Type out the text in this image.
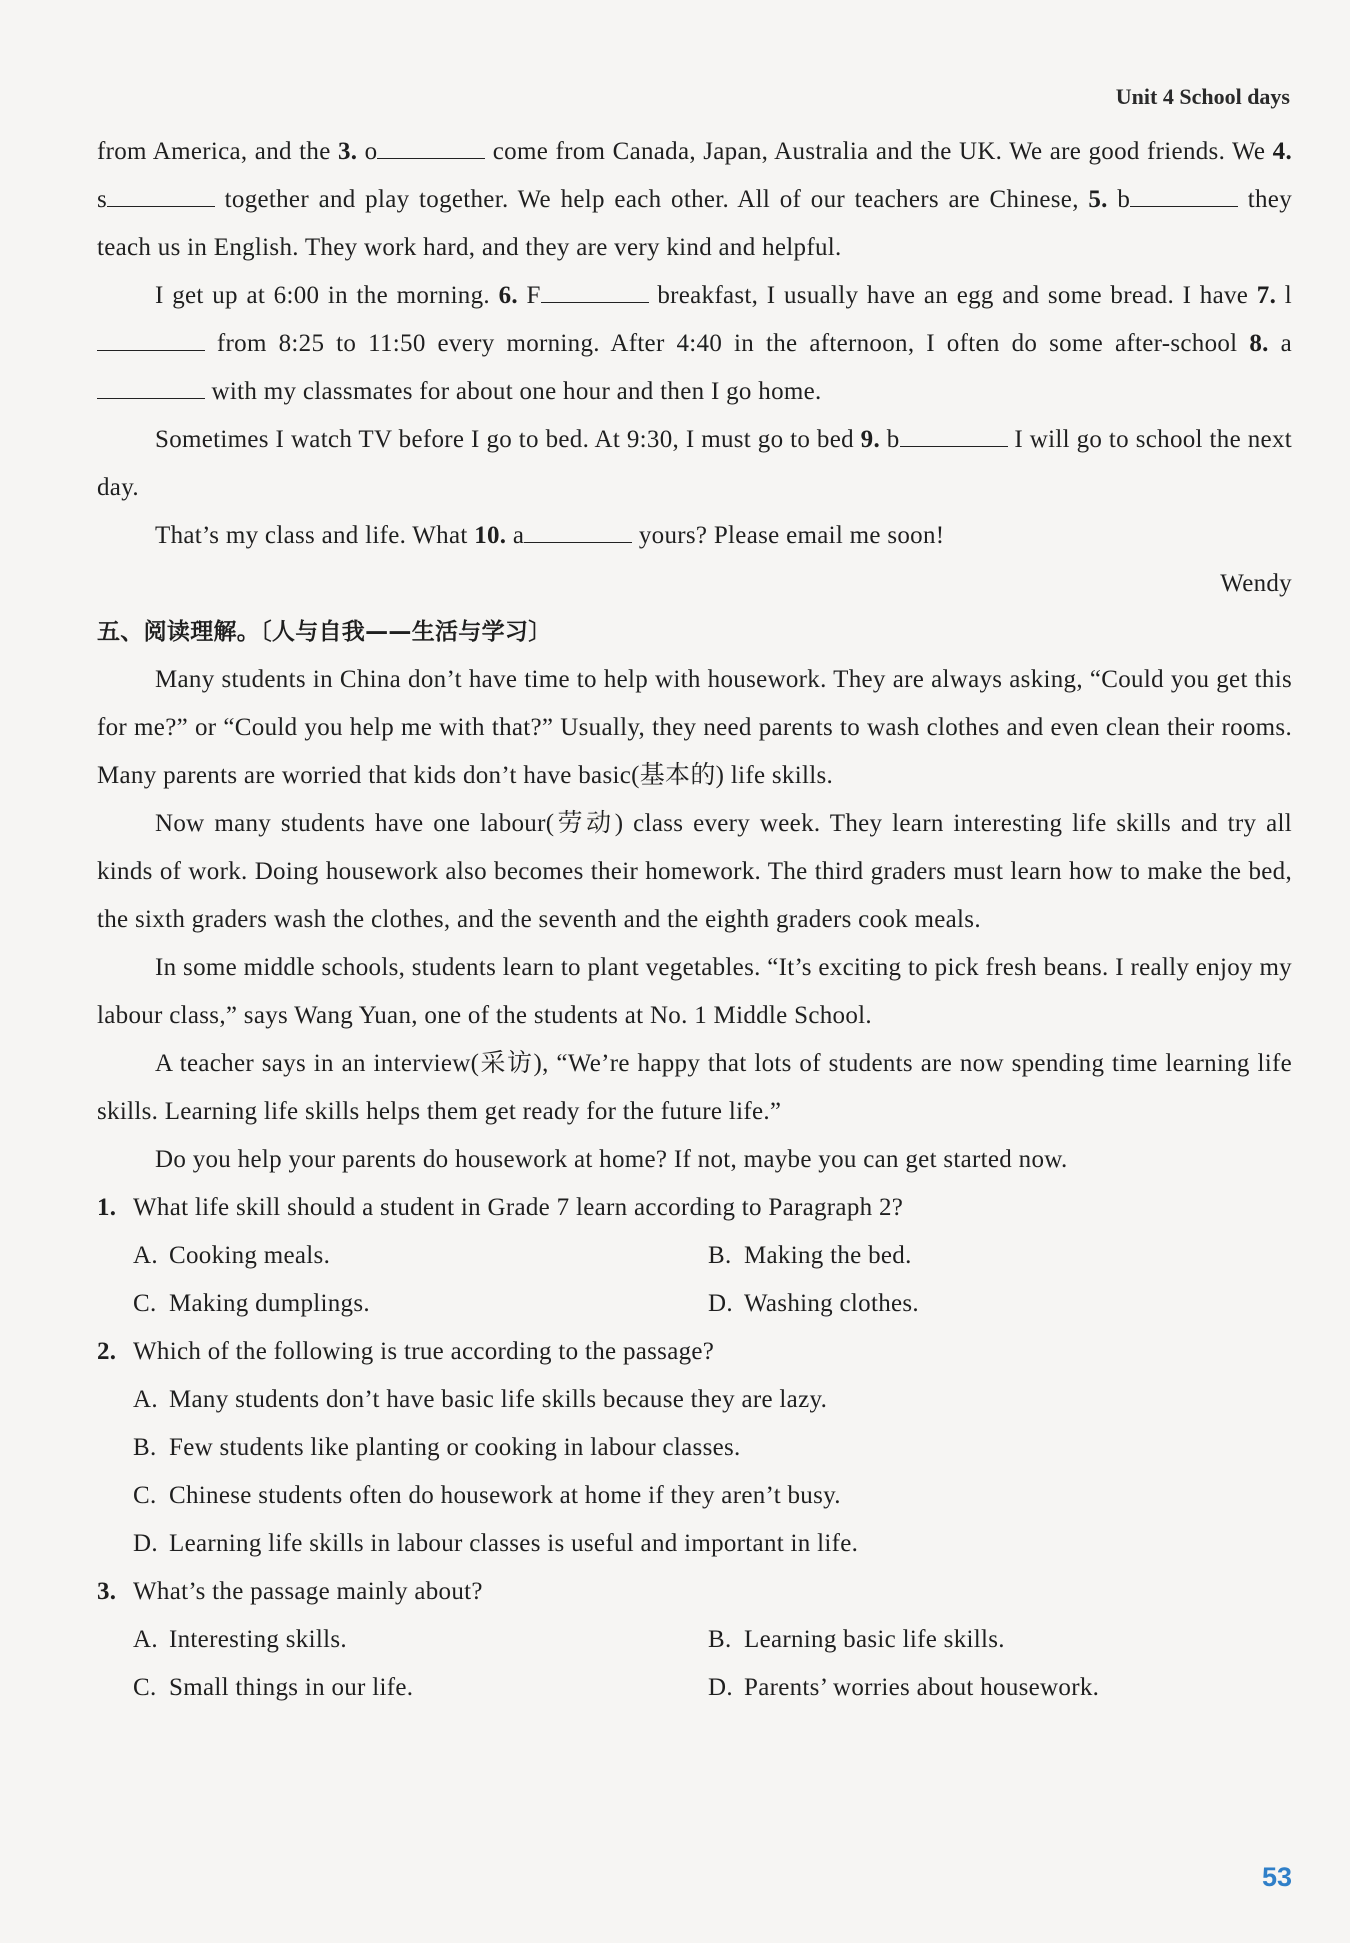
Unit 4 School days

from America, and the 3. o	come from Canada, Japan, Australia and the UK. We are good friends. We 4. s	together and play together. We help each other. All of our teachers are Chinese, 5. b	they teach us in English. They work hard, and they are very kind and helpful.

I get up at 6:00 in the morning. 6. F	breakfast, I usually have an egg and some bread. I have 7. l from 8:25 to 11:50 every morning. After 4:40 in the afternoon, I often do some after-school 8. a with my classmates for about one hour and then I go home.

Sometimes I watch TV before I go to bed. At 9:30, I must go to bed 9. b	I will go to school the next day.

That’s my class and life. What 10. a	yours? Please email me soon!

Wendy

五、阅读理解。〔人与自我——生活与学习〕

Many students in China don’t have time to help with housework. They are always asking, “Could you get this for me?” or “Could you help me with that?” Usually, they need parents to wash clothes and even clean their rooms. Many parents are worried that kids don’t have basic(基本的) life skills.

Now many students have one labour(劳动) class every week. They learn interesting life skills and try all kinds of work. Doing housework also becomes their homework. The third graders must learn how to make the bed, the sixth graders wash the clothes, and the seventh and the eighth graders cook meals.

In some middle schools, students learn to plant vegetables. “It’s exciting to pick fresh beans. I really enjoy my labour class,” says Wang Yuan, one of the students at No. 1 Middle School.

A teacher says in an interview(采访), “We’re happy that lots of students are now spending time learning life skills. Learning life skills helps them get ready for the future life.”

Do you help your parents do housework at home? If not, maybe you can get started now.

1. What life skill should a student in Grade 7 learn according to Paragraph 2?
A. Cooking meals.	B. Making the bed.
C. Making dumplings.	D. Washing clothes.
2. Which of the following is true according to the passage?
A. Many students don’t have basic life skills because they are lazy.
B. Few students like planting or cooking in labour classes.
C. Chinese students often do housework at home if they aren’t busy.
D. Learning life skills in labour classes is useful and important in life.
3. What’s the passage mainly about?
A. Interesting skills.	B. Learning basic life skills.
C. Small things in our life.	D. Parents’ worries about housework.
53
